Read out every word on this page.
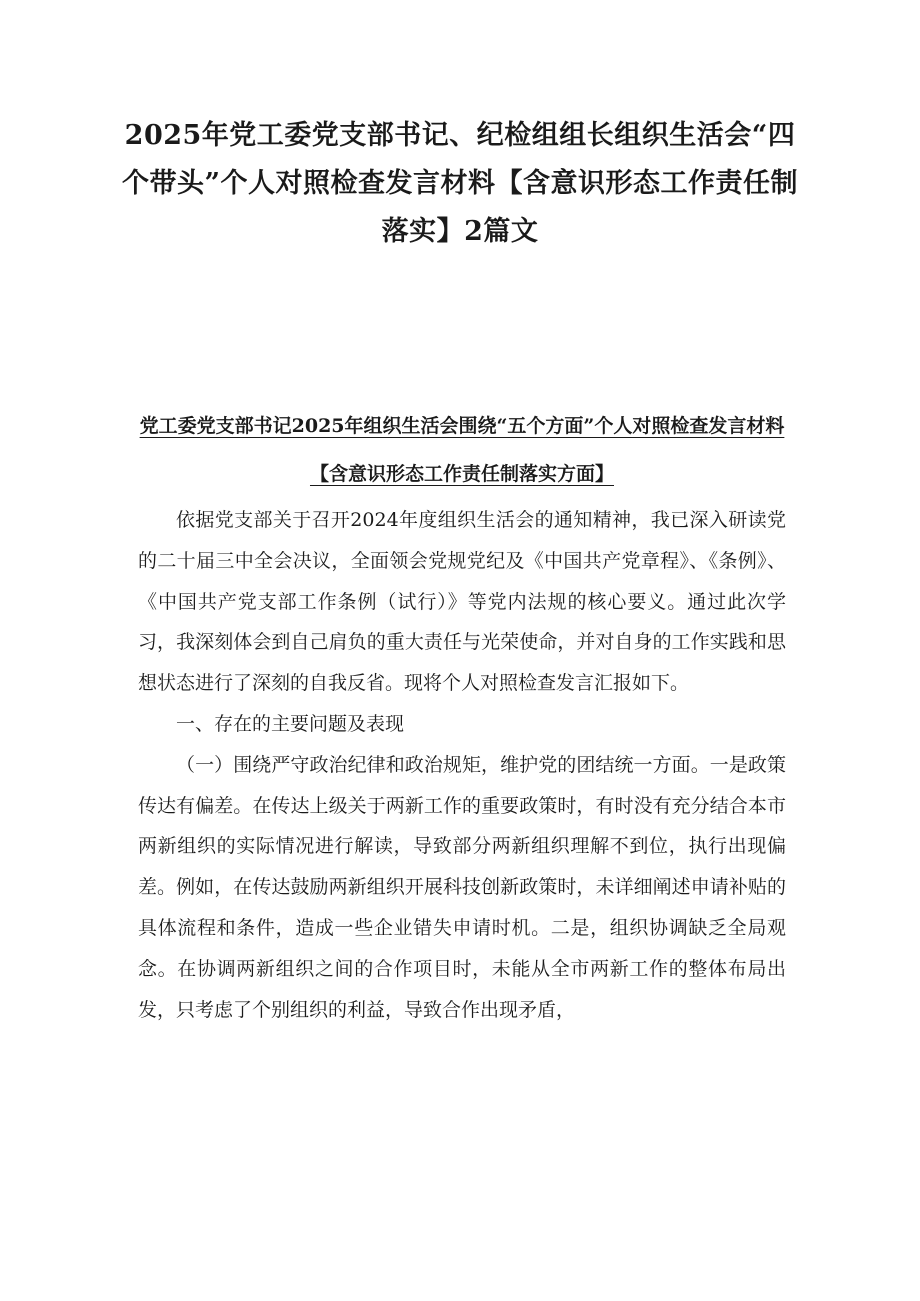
2025年党工委党支部书记、纪检组组长组织生活会“四个带头”个人对照检查发言材料【含意识形态工作责任制落实】2篇文
党工委党支部书记2025年组织生活会围绕“五个方面”个人对照检查发言材料【含意识形态工作责任制落实方面】

依据党支部关于召开2024年度组织生活会的通知精神，我已深入研读党的二十届三中全会决议，全面领会党规党纪及《中国共产党章程》、《条例》、《中国共产党支部工作条例（试行）》等党内法规的核心要义。通过此次学习，我深刻体会到自己肩负的重大责任与光荣使命，并对自身的工作实践和思想状态进行了深刻的自我反省。现将个人对照检查发言汇报如下。

一、存在的主要问题及表现

（一）围绕严守政治纪律和政治规矩，维护党的团结统一方面。一是政策传达有偏差。在传达上级关于两新工作的重要政策时，有时没有充分结合本市两新组织的实际情况进行解读，导致部分两新组织理解不到位，执行出现偏差。例如，在传达鼓励两新组织开展科技创新政策时，未详细阐述申请补贴的具体流程和条件，造成一些企业错失申请时机。二是，组织协调缺乏全局观念。在协调两新组织之间的合作项目时，未能从全市两新工作的整体布局出发，只考虑了个别组织的利益，导致合作出现矛盾，
